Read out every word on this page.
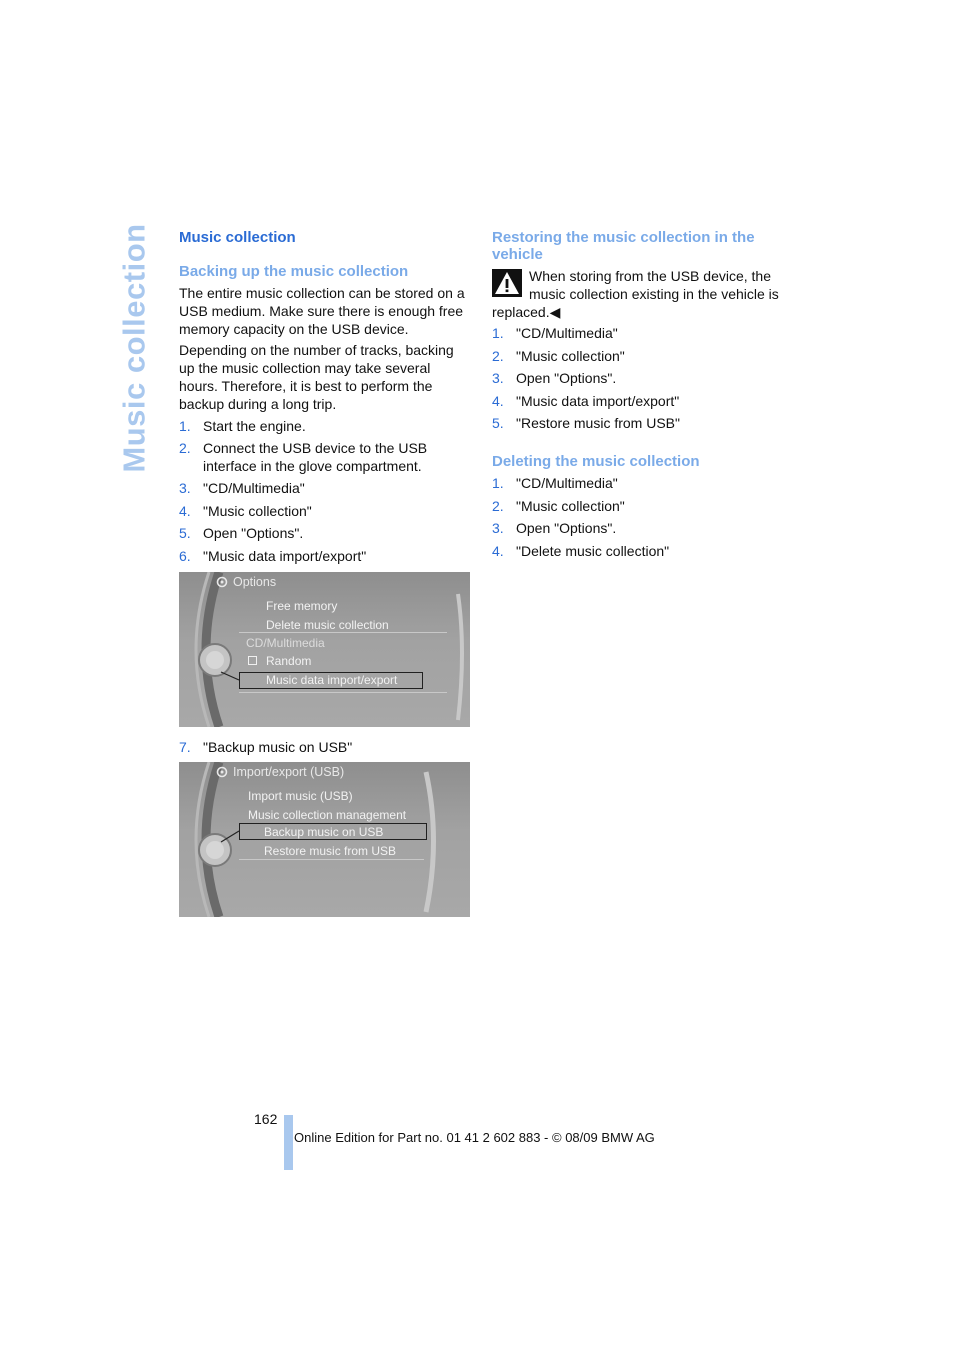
Music collection Music collection
Backing up the music collection

The entire music collection can be stored on a USB medium. Make sure there is enough free memory capacity on the USB device.

Depending on the number of tracks, backing up the music collection may take several hours. Therefore, it is best to perform the backup during a long trip.

1. Start the engine.
2. Connect the USB device to the USB interface in the glove compartment.
3. "CD/Multimedia"
4. "Music collection"
5. Open "Options".
6. "Music data import/export"
Options
Free memory
Delete music collection
CD/Multimedia
Random
Music data import/export
7. "Backup music on USB"
Import/export (USB)
Import music (USB)
Music collection management
Backup music on USB
Restore music from USB
Restoring the music collection in the vehicle
When storing from the USB device, the music collection existing in the vehicle is replaced.◀
1. "CD/Multimedia"
2. "Music collection"
3. Open "Options".
4. "Music data import/export"
5. "Restore music from USB"
Deleting the music collection
1. "CD/Multimedia"
2. "Music collection"
3. Open "Options".
4. "Delete music collection"
162
Online Edition for Part no. 01 41 2 602 883 - © 08/09 BMW AG
